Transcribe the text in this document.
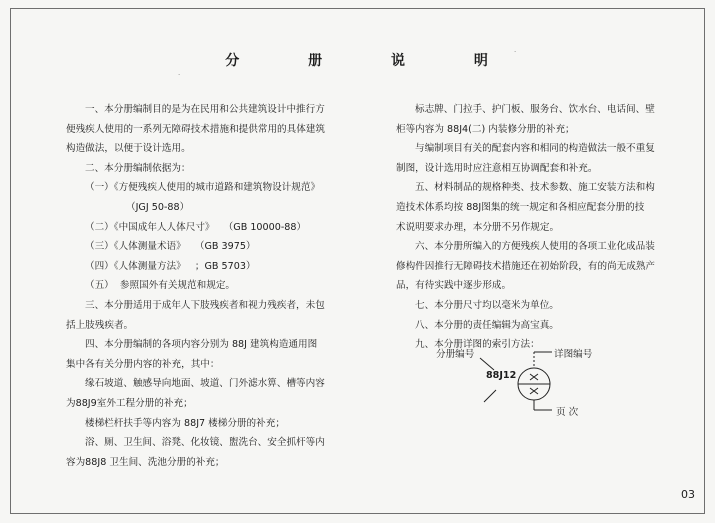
分	册	说	明

一、本分册编制目的是为在民用和公共建筑设计中推行方

便残疾人使用的一系列无障碍技术措施和提供常用的具体建筑

构造做法，以便于设计选用。

二、本分册编制依据为：

（一）《方便残疾人使用的城市道路和建筑物设计规范》

（JGJ 50-88）

（二）《中国成年人人体尺寸》   （GB 10000-88）

（三）《人体测量术语》   （GB 3975）

（四）《人体测量方法》   ；GB 5703）

（五）  参照国外有关规范和规定。

三、本分册适用于成年人下肢残疾者和视力残疾者，未包

括上肢残疾者。

四、本分册编制的各项内容分别为 88J 建筑构造通用图

集中各有关分册内容的补充，其中：

缘石坡道、触感导向地面、坡道、门外滤水箅、槽等内容

为88J9室外工程分册的补充；

楼梯栏杆扶手等内容为 88J7 楼梯分册的补充；

浴、厕、卫生间、浴凳、化妆镜、盥洗台、安全抓杆等内

容为88J8 卫生间、洗池分册的补充；

标志牌、门拉手、护门板、服务台、饮水台、电话间、壁

柜等内容为 88J4(二) 内装修分册的补充；

与编制项目有关的配套内容和相同的构造做法一般不重复

制图，设计选用时应注意相互协调配套和补充。

五、材料制品的规格种类、技术参数、施工安装方法和构

造技术体系均按 88J图集的统一规定和各相应配套分册的技

术说明要求办理，本分册不另作规定。

六、本分册所编入的方便残疾人使用的各项工业化成品装

修构件因推行无障碍技术措施还在初始阶段，有的尚无成熟产

品，有待实践中逐步形成。

七、本分册尺寸均以毫米为单位。

八、本分册的责任编辑为高宝真。

九、本分册详图的索引方法：

分册编号	详图编号
88J12
页 次
·
·
03
